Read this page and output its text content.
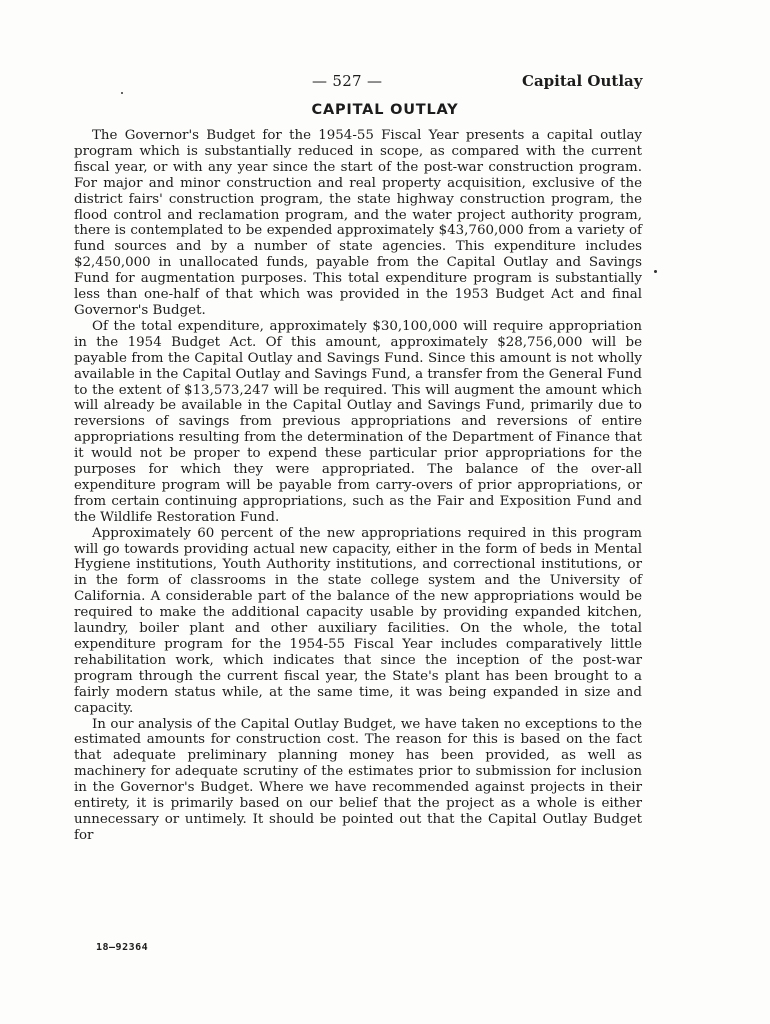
— 527 —	Capital Outlay
CAPITAL OUTLAY

The Governor's Budget for the 1954-55 Fiscal Year presents a capital outlay program which is substantially reduced in scope, as compared with the current fiscal year, or with any year since the start of the post-war construction program. For major and minor construction and real property acquisition, exclusive of the district fairs' construction program, the state highway construction program, the flood control and reclamation program, and the water project authority program, there is contemplated to be expended approximately $43,760,000 from a variety of fund sources and by a number of state agencies. This expenditure includes $2,450,000 in unallocated funds, payable from the Capital Outlay and Savings Fund for augmentation purposes. This total expenditure program is substantially less than one-half of that which was provided in the 1953 Budget Act and final Governor's Budget.

Of the total expenditure, approximately $30,100,000 will require appropriation in the 1954 Budget Act. Of this amount, approximately $28,756,000 will be payable from the Capital Outlay and Savings Fund. Since this amount is not wholly available in the Capital Outlay and Savings Fund, a transfer from the General Fund to the extent of $13,573,247 will be required. This will augment the amount which will already be available in the Capital Outlay and Savings Fund, primarily due to reversions of savings from previous appropriations and reversions of entire appropriations resulting from the determination of the Department of Finance that it would not be proper to expend these particular prior appropriations for the purposes for which they were appropriated. The balance of the over-all expenditure program will be payable from carry-overs of prior appropriations, or from certain continuing appropriations, such as the Fair and Exposition Fund and the Wildlife Restoration Fund.

Approximately 60 percent of the new appropriations required in this program will go towards providing actual new capacity, either in the form of beds in Mental Hygiene institutions, Youth Authority institutions, and correctional institutions, or in the form of classrooms in the state college system and the University of California. A considerable part of the balance of the new appropriations would be required to make the additional capacity usable by providing expanded kitchen, laundry, boiler plant and other auxiliary facilities. On the whole, the total expenditure program for the 1954-55 Fiscal Year includes comparatively little rehabilitation work, which indicates that since the inception of the post-war program through the current fiscal year, the State's plant has been brought to a fairly modern status while, at the same time, it was being expanded in size and capacity.

In our analysis of the Capital Outlay Budget, we have taken no exceptions to the estimated amounts for construction cost. The reason for this is based on the fact that adequate preliminary planning money has been provided, as well as machinery for adequate scrutiny of the estimates prior to submission for inclusion in the Governor's Budget. Where we have recommended against projects in their entirety, it is primarily based on our belief that the project as a whole is either unnecessary or untimely. It should be pointed out that the Capital Outlay Budget for

18—92364
